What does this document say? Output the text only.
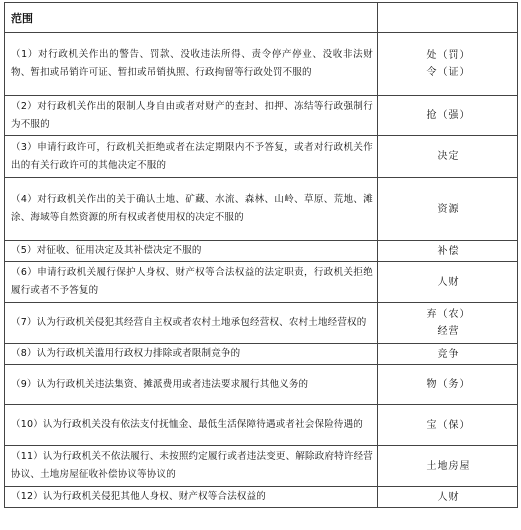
范围	
（1）对行政机关作出的警告、罚款、没收违法所得、责令停产停业、没收非法财物、暂扣或吊销许可证、暂扣或吊销执照、行政拘留等行政处罚不服的	处（罚）
令（证）

（2）对行政机关作出的限制人身自由或者对财产的查封、扣押、冻结等行政强制行为不服的	抢（强）

（3）申请行政许可，行政机关拒绝或者在法定期限内不予答复，或者对行政机关作出的有关行政许可的其他决定不服的	决定

（4）对行政机关作出的关于确认土地、矿藏、水流、森林、山岭、草原、荒地、滩涂、海域等自然资源的所有权或者使用权的决定不服的	资源

（5）对征收、征用决定及其补偿决定不服的	补偿

（6）申请行政机关履行保护人身权、财产权等合法权益的法定职责，行政机关拒绝履行或者不予答复的	人财

（7）认为行政机关侵犯其经营自主权或者农村土地承包经营权、农村土地经营权的	弃（农）
经营

（8）认为行政机关滥用行政权力排除或者限制竞争的	竞争

（9）认为行政机关违法集资、摊派费用或者违法要求履行其他义务的	物（务）

（10）认为行政机关没有依法支付抚恤金、最低生活保障待遇或者社会保险待遇的	宝（保）

（11）认为行政机关不依法履行、未按照约定履行或者违法变更、解除政府特许经营协议、土地房屋征收补偿协议等协议的	土地房屋

（12）认为行政机关侵犯其他人身权、财产权等合法权益的	人财
